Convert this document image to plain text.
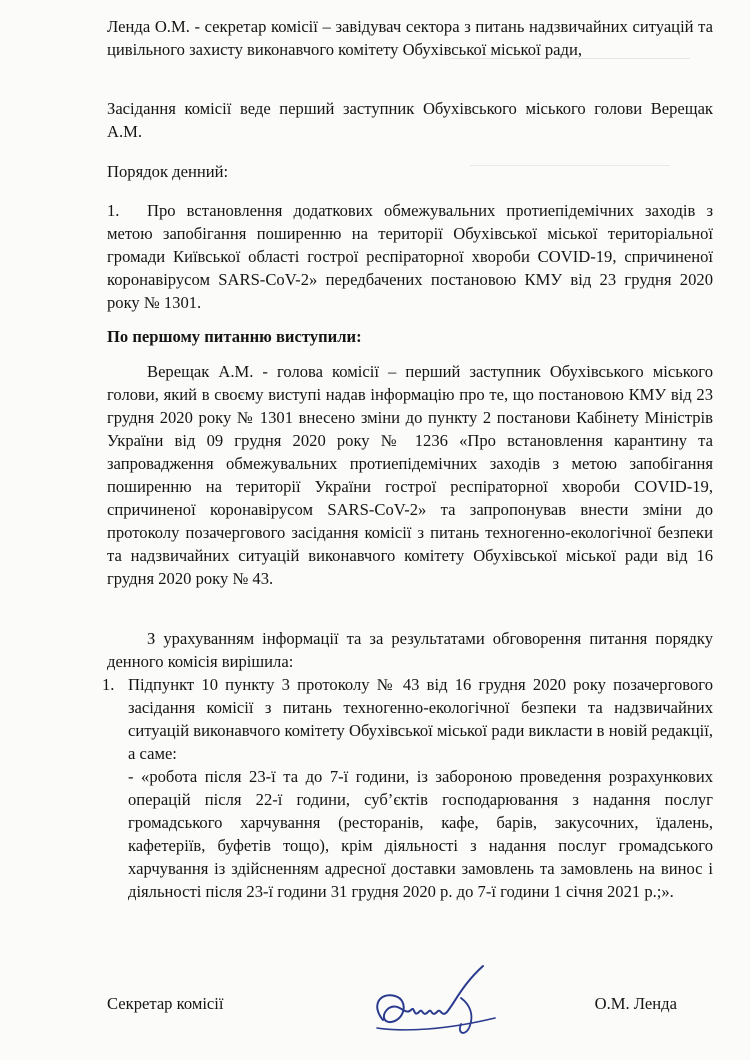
Ленда О.М. - секретар комісії – завідувач сектора з питань надзвичайних ситуацій та цивільного захисту виконавчого комітету Обухівської міської ради,

Засідання комісії веде перший заступник Обухівського міського голови Верещак А.М.

Порядок денний:

1.	Про встановлення додаткових обмежувальних протиепідемічних заходів з метою запобігання поширенню на території Обухівської міської територіальної громади Київської області гострої респіраторної хвороби COVID-19, спричиненої коронавірусом SARS-CoV-2» передбачених постановою КМУ від 23 грудня 2020 року № 1301.

По першому питанню виступили:

Верещак А.М. - голова комісії – перший заступник Обухівського міського голови, який в своєму виступі надав інформацію про те, що постановою КМУ від 23 грудня 2020 року № 1301 внесено зміни до пункту 2 постанови Кабінету Міністрів України від 09 грудня 2020 року № 1236 «Про встановлення карантину та запровадження обмежувальних протиепідемічних заходів з метою запобігання поширенню на території України гострої респіраторної хвороби COVID-19, спричиненої коронавірусом SARS-CoV-2» та запропонував внести зміни до протоколу позачергового засідання комісії з питань техногенно-екологічної безпеки та надзвичайних ситуацій виконавчого комітету Обухівської міської ради від 16 грудня 2020 року № 43.

З урахуванням інформації та за результатами обговорення питання порядку денного комісія вирішила:

1. Підпункт 10 пункту 3 протоколу № 43 від 16 грудня 2020 року позачергового засідання комісії з питань техногенно-екологічної безпеки та надзвичайних ситуацій виконавчого комітету Обухівської міської ради викласти в новій редакції, а саме:
- «робота після 23-ї та до 7-ї години, із забороною проведення розрахункових операцій після 22-ї години, суб’єктів господарювання з надання послуг громадського харчування (ресторанів, кафе, барів, закусочних, їдалень, кафетеріїв, буфетів тощо), крім діяльності з надання послуг громадського харчування із здійсненням адресної доставки замовлень та замовлень на винос і діяльності після 23-ї години 31 грудня 2020 р. до 7-ї години 1 січня 2021 р.;».
Секретар комісії	О.М. Ленда
